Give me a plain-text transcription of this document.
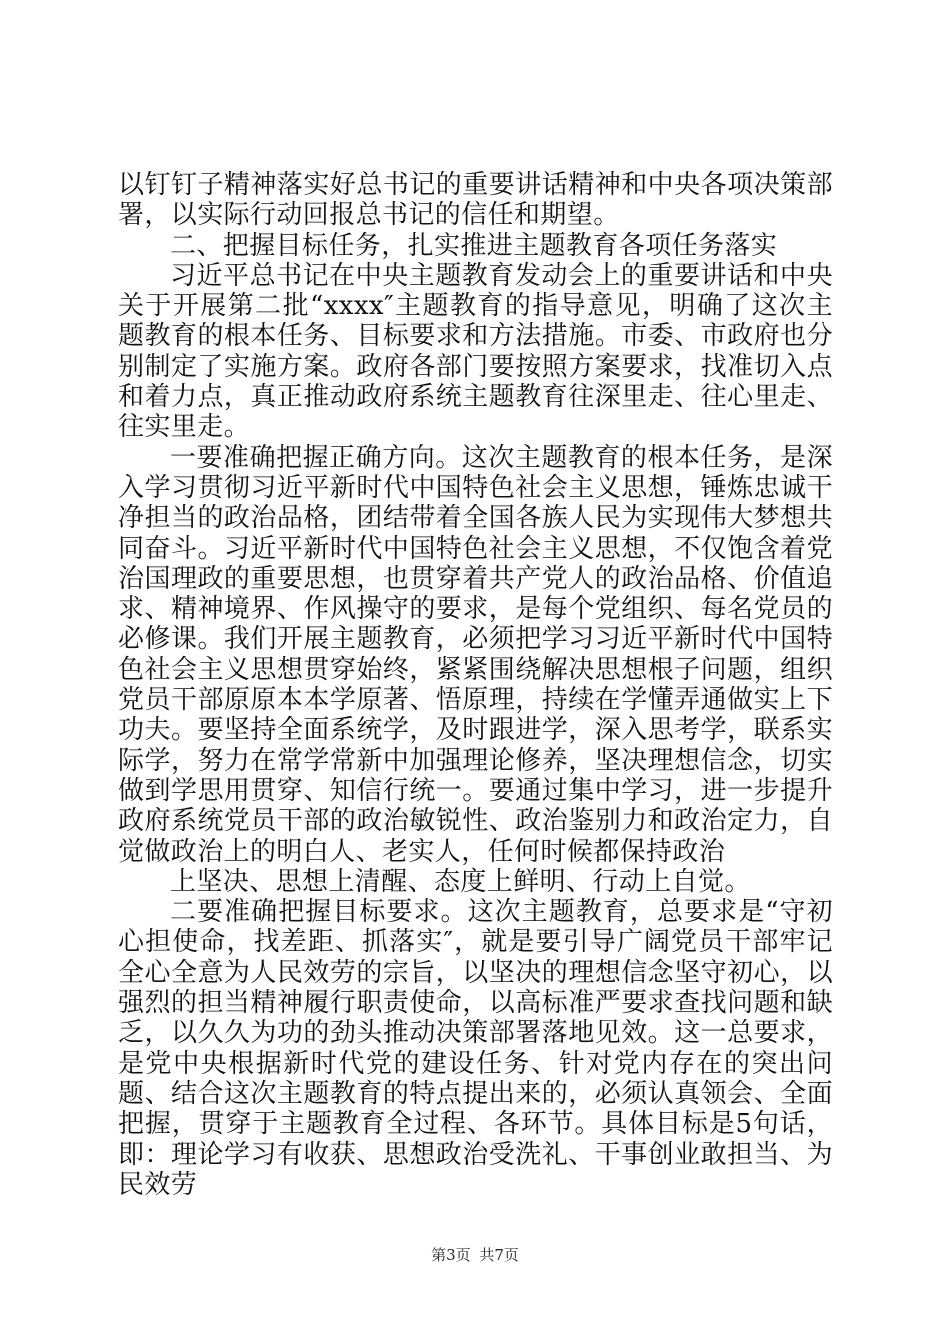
以钉钉子精神落实好总书记的重要讲话精神和中央各项决策部署，以实际行动回报总书记的信任和期望。

二、把握目标任务，扎实推进主题教育各项任务落实

习近平总书记在中央主题教育发动会上的重要讲话和中央关于开展第二批“xxxx″主题教育的指导意见，明确了这次主题教育的根本任务、目标要求和方法措施。市委、市政府也分别制定了实施方案。政府各部门要按照方案要求，找准切入点和着力点，真正推动政府系统主题教育往深里走、往心里走、往实里走。

一要准确把握正确方向。这次主题教育的根本任务，是深入学习贯彻习近平新时代中国特色社会主义思想，锤炼忠诚干净担当的政治品格，团结带着全国各族人民为实现伟大梦想共同奋斗。习近平新时代中国特色社会主义思想，不仅饱含着党治国理政的重要思想，也贯穿着共产党人的政治品格、价值追求、精神境界、作风操守的要求，是每个党组织、每名党员的必修课。我们开展主题教育，必须把学习习近平新时代中国特色社会主义思想贯穿始终，紧紧围绕解决思想根子问题，组织党员干部原原本本学原著、悟原理，持续在学懂弄通做实上下功夫。要坚持全面系统学，及时跟进学，深入思考学，联系实际学，努力在常学常新中加强理论修养，坚决理想信念，切实做到学思用贯穿、知信行统一。要通过集中学习，进一步提升政府系统党员干部的政治敏锐性、政治鉴别力和政治定力，自觉做政治上的明白人、老实人，任何时候都保持政治

上坚决、思想上清醒、态度上鲜明、行动上自觉。

二要准确把握目标要求。这次主题教育，总要求是“守初心担使命，找差距、抓落实″，就是要引导广阔党员干部牢记全心全意为人民效劳的宗旨，以坚决的理想信念坚守初心，以强烈的担当精神履行职责使命，以高标准严要求查找问题和缺乏，以久久为功的劲头推动决策部署落地见效。这一总要求，是党中央根据新时代党的建设任务、针对党内存在的突出问题、结合这次主题教育的特点提出来的，必须认真领会、全面把握，贯穿于主题教育全过程、各环节。具体目标是5句话，即：理论学习有收获、思想政治受洗礼、干事创业敢担当、为民效劳

第3页 共7页
